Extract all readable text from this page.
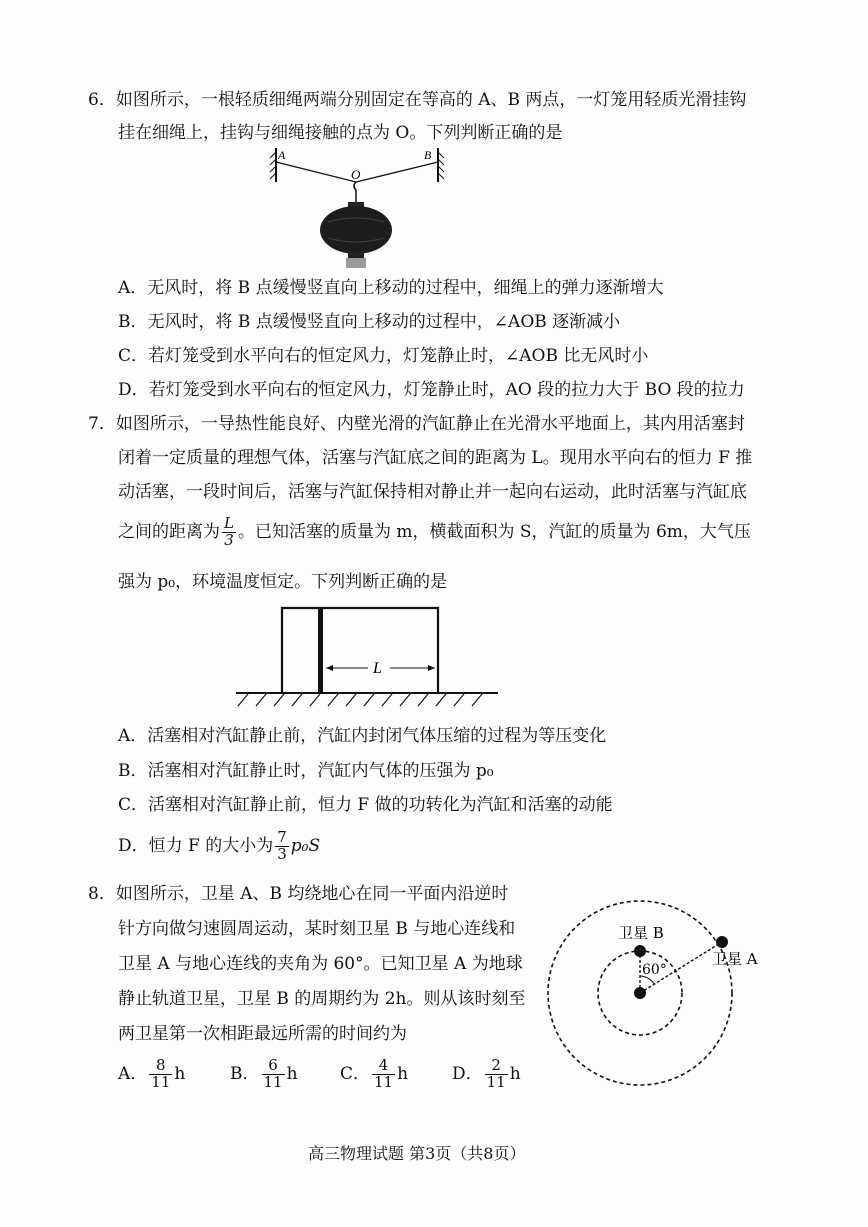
6．如图所示，一根轻质细绳两端分别固定在等高的 A、B 两点，一灯笼用轻质光滑挂钩
挂在细绳上，挂钩与细绳接触的点为 O。下列判断正确的是
A	B
O
A．无风时，将 B 点缓慢竖直向上移动的过程中，细绳上的弹力逐渐增大
B．无风时，将 B 点缓慢竖直向上移动的过程中，∠AOB 逐渐减小
C．若灯笼受到水平向右的恒定风力，灯笼静止时，∠AOB 比无风时小
D．若灯笼受到水平向右的恒定风力，灯笼静止时，AO 段的拉力大于 BO 段的拉力
7．如图所示，一导热性能良好、内壁光滑的汽缸静止在光滑水平地面上，其内用活塞封
闭着一定质量的理想气体，活塞与汽缸底之间的距离为 L。现用水平向右的恒力 F 推
动活塞，一段时间后，活塞与汽缸保持相对静止并一起向右运动，此时活塞与汽缸底
之间的距离为 $\frac{L}{3}$ 。已知活塞的质量为 m，横截面积为 S，汽缸的质量为 6m，大气压
强为 p₀，环境温度恒定。下列判断正确的是
L
A．活塞相对汽缸静止前，汽缸内封闭气体压缩的过程为等压变化
B．活塞相对汽缸静止时，汽缸内气体的压强为 p₀
C．活塞相对汽缸静止前，恒力 F 做的功转化为汽缸和活塞的动能
D．恒力 F 的大小为 $\frac{7}{3} p_0S$
8．如图所示，卫星 A、B 均绕地心在同一平面内沿逆时
针方向做匀速圆周运动，某时刻卫星 B 与地心连线和
卫星 A 与地心连线的夹角为 60°。已知卫星 A 为地球
静止轨道卫星，卫星 B 的周期约为 2h。则从该时刻至
两卫星第一次相距最远所需的时间约为
A． $\frac{8}{11}$ h	B． $\frac{6}{11}$ h C． $\frac{4}{11}$ h	D． $\frac{2}{11}$ h
卫星 B
卫星 A
60°
高三物理试题 第3页（共8页）
